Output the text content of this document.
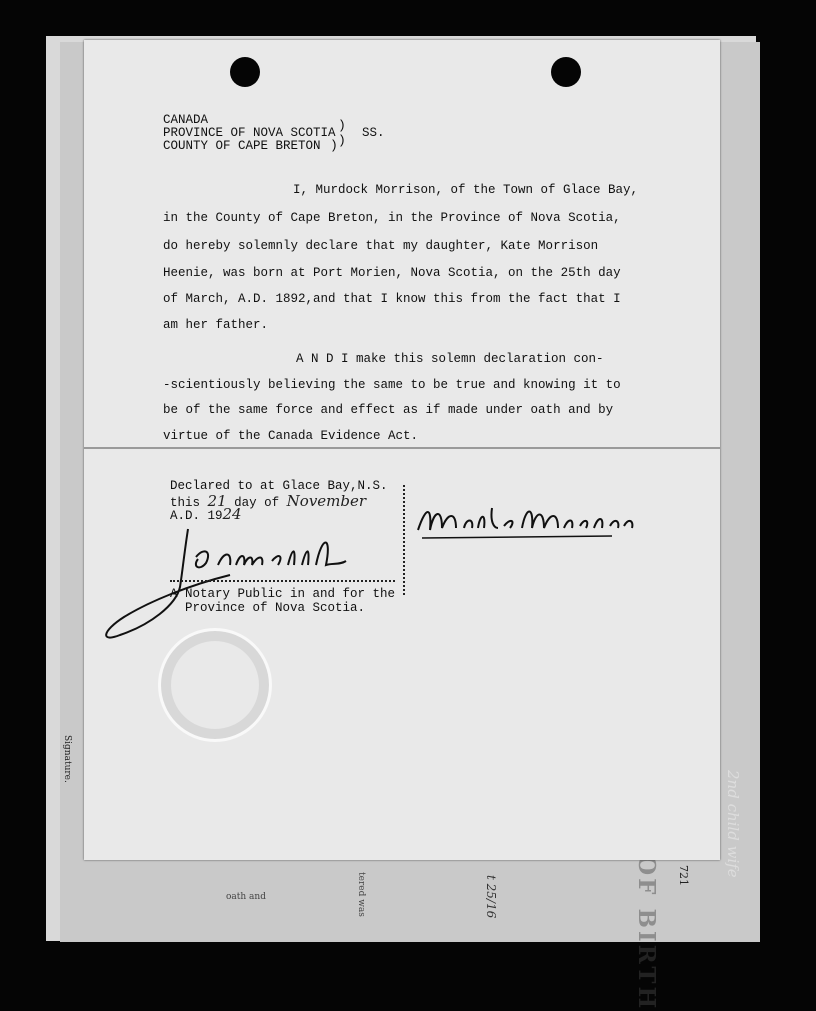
CANADA
PROVINCE OF NOVA SCOTIA
COUNTY OF CAPE BRETON
)
)
)
SS.
I, Murdock Morrison, of the Town of Glace Bay,
in the County of Cape Breton, in the Province of Nova Scotia,
do hereby solemnly declare that my daughter, Kate Morrison
Heenie, was born at Port Morien, Nova Scotia, on the 25th day
of March, A.D. 1892,and that I know this from the fact that I
am her father.
A N D I make this solemn declaration con-
-scientiously believing the same to be true and knowing it to
be of the same force and effect as if made under oath and by
virtue of the Canada Evidence Act.
Declared to at Glace Bay,N.S.
this 21 day of November
A.D. 1924
A Notary Public in and for the
Province of Nova Scotia.
Signature.
oath and	tered was	721
t 25/16
2nd child wife
